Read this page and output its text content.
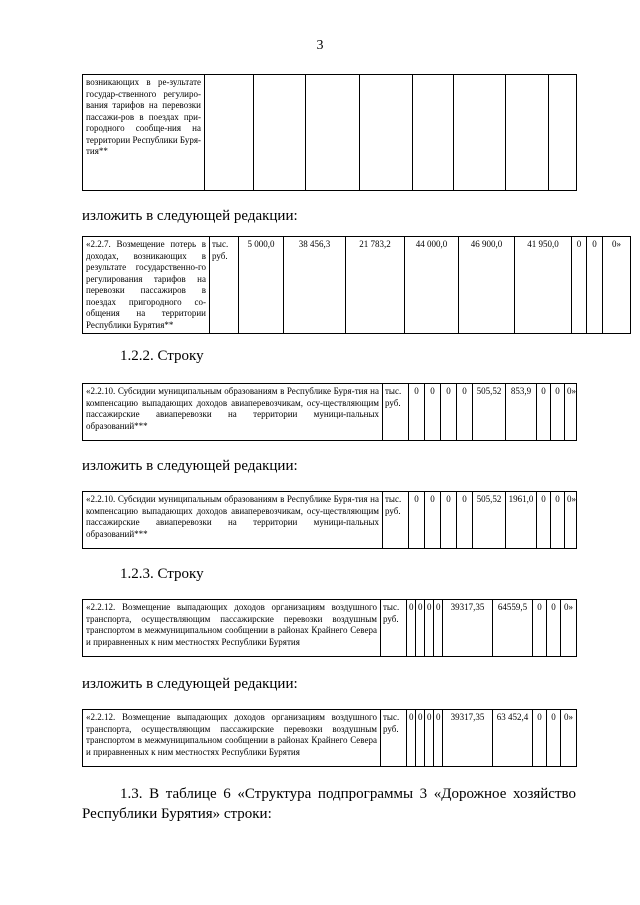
3
возникающих в ре-зультате государ-ственного регулиро-вания тарифов на перевозки пассажи-ров в поездах при-городного сообще-ния на территории Республики Буря-тия**								
изложить в следующей редакции:
«2.2.7. Возмещение потерь в доходах, возникающих в результате государственно-го регулирования тарифов на перевозки пассажиров в поездах пригородного со-общения на территории Республики Бурятия**	тыс. руб.	5 000,0	38 456,3	21 783,2	44 000,0	46 900,0	41 950,0	0	0	0»
1.2.2. Строку
«2.2.10. Субсидии муниципальным образованиям в Республике Буря-тия на компенсацию выпадающих доходов авиаперевозчикам, осу-ществляющим пассажирские авиаперевозки на территории муници-пальных образований***	тыс. руб.	0	0	0	0	505,52	853,9	0	0	0»
изложить в следующей редакции:
«2.2.10. Субсидии муниципальным образованиям в Республике Буря-тия на компенсацию выпадающих доходов авиаперевозчикам, осу-ществляющим пассажирские авиаперевозки на территории муници-пальных образований***	тыс. руб.	0	0	0	0	505,52	1961,0	0	0	0»
1.2.3. Строку
«2.2.12. Возмещение выпадающих доходов организациям воздушного транспорта, осуществляющим пассажирские перевозки воздушным транспортом в межмуниципальном сообщении в районах Крайнего Севера и приравненных к ним местностях Республики Бурятия	тыс. руб.	0	0	0	0	39317,35	64559,5	0	0	0»
изложить в следующей редакции:
«2.2.12. Возмещение выпадающих доходов организациям воздушного транспорта, осуществляющим пассажирские перевозки воздушным транспортом в межмуниципальном сообщении в районах Крайнего Севера и приравненных к ним местностях Республики Бурятия	тыс. руб.	0	0	0	0	39317,35	63 452,4	0	0	0»
1.3. В таблице 6 «Структура подпрограммы 3 «Дорожное хозяйство Республики Бурятия» строки:
